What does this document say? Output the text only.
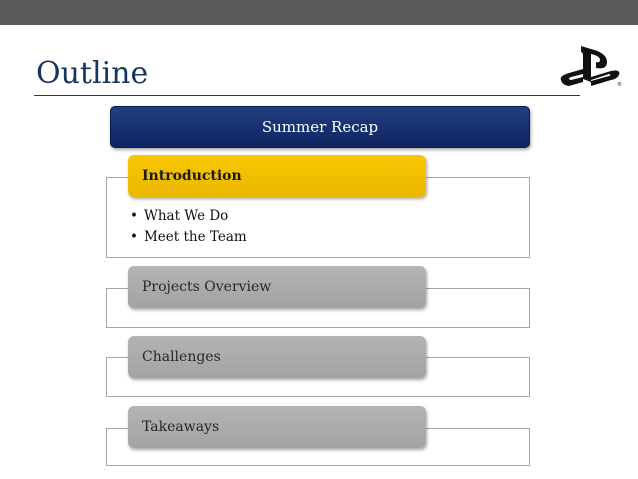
Outline	®
Summer Recap
Introduction
• What We Do
• Meet the Team
Projects Overview
Challenges
Takeaways
